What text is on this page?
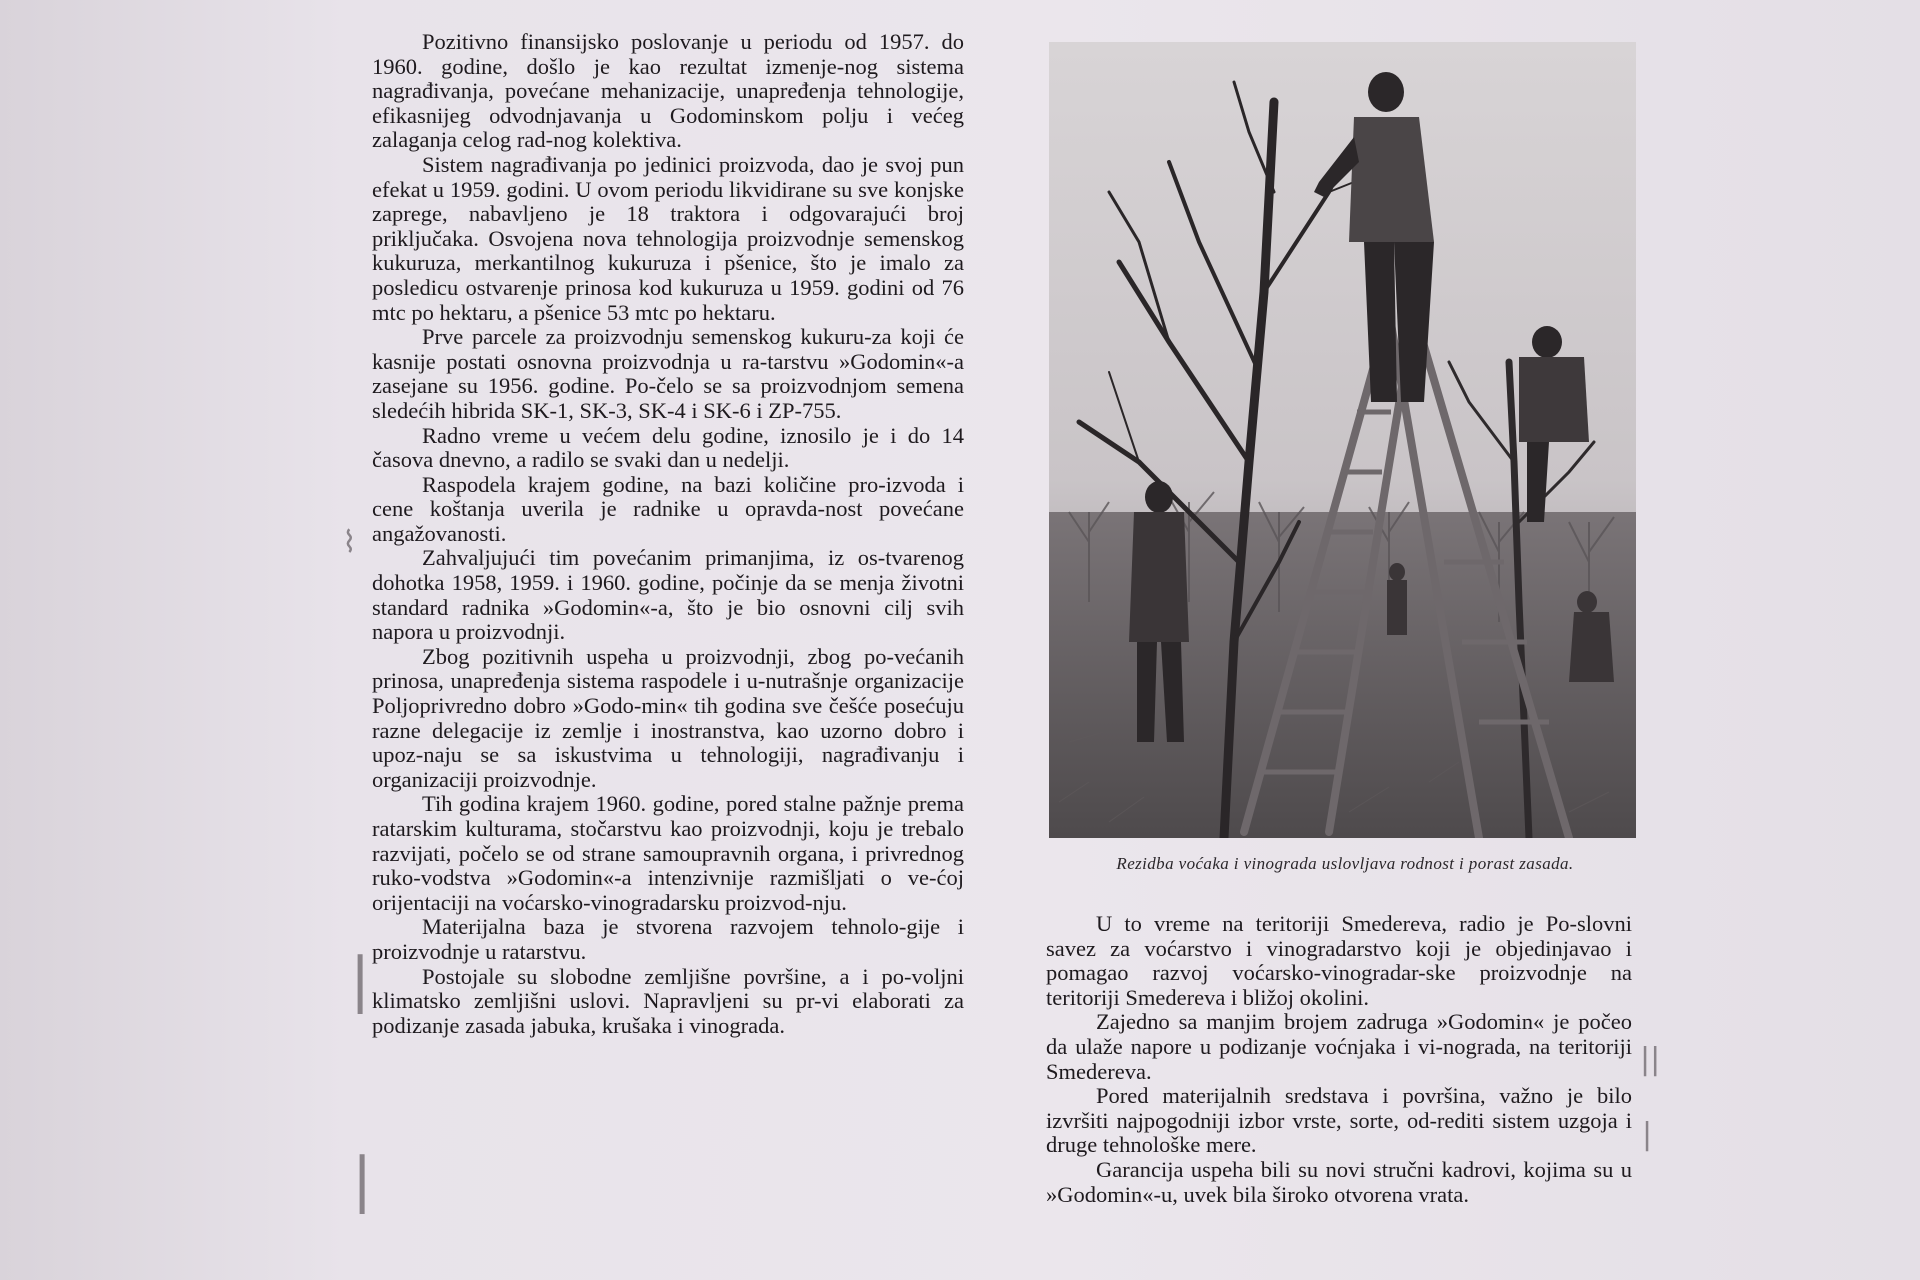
Pozitivno finansijsko poslovanje u periodu od 1957. do 1960. godine, došlo je kao rezultat izmenje-nog sistema nagrađivanja, povećane mehanizacije, unapređenja tehnologije, efikasnijeg odvodnjavanja u Godominskom polju i većeg zalaganja celog rad-nog kolektiva.

Sistem nagrađivanja po jedinici proizvoda, dao je svoj pun efekat u 1959. godini. U ovom periodu likvidirane su sve konjske zaprege, nabavljeno je 18 traktora i odgovarajući broj priključaka. Osvojena nova tehnologija proizvodnje semenskog kukuruza, merkantilnog kukuruza i pšenice, što je imalo za posledicu ostvarenje prinosa kod kukuruza u 1959. godini od 76 mtc po hektaru, a pšenice 53 mtc po hektaru.

Prve parcele za proizvodnju semenskog kukuru-za koji će kasnije postati osnovna proizvodnja u ra-tarstvu »Godomin«-a zasejane su 1956. godine. Po-čelo se sa proizvodnjom semena sledećih hibrida SK-1, SK-3, SK-4 i SK-6 i ZP-755.

Radno vreme u većem delu godine, iznosilo je i do 14 časova dnevno, a radilo se svaki dan u nedelji.

Raspodela krajem godine, na bazi količine pro-izvoda i cene koštanja uverila je radnike u opravda-nost povećane angažovanosti.

Zahvaljujući tim povećanim primanjima, iz os-tvarenog dohotka 1958, 1959. i 1960. godine, počinje da se menja životni standard radnika »Godomin«-a, što je bio osnovni cilj svih napora u proizvodnji.

Zbog pozitivnih uspeha u proizvodnji, zbog po-većanih prinosa, unapređenja sistema raspodele i u-nutrašnje organizacije Poljoprivredno dobro »Godo-min« tih godina sve češće posećuju razne delegacije iz zemlje i inostranstva, kao uzorno dobro i upoz-naju se sa iskustvima u tehnologiji, nagrađivanju i organizaciji proizvodnje.

Tih godina krajem 1960. godine, pored stalne pažnje prema ratarskim kulturama, stočarstvu kao proizvodnji, koju je trebalo razvijati, počelo se od strane samoupravnih organa, i privrednog ruko-vodstva »Godomin«-a intenzivnije razmišljati o ve-ćoj orijentaciji na voćarsko-vinogradarsku proizvod-nju.

Materijalna baza je stvorena razvojem tehnolo-gije i proizvodnje u ratarstvu.

Postojale su slobodne zemljišne površine, a i po-voljni klimatsko zemljišni uslovi. Napravljeni su pr-vi elaborati za podizanje zasada jabuka, krušaka i vinograda.

Rezidba voćaka i vinograda uslovljava rodnost i porast zasada.

U to vreme na teritoriji Smedereva, radio je Po-slovni savez za voćarstvo i vinogradarstvo koji je objedinjavao i pomagao razvoj voćarsko-vinogradar-ske proizvodnje na teritoriji Smedereva i bližoj okolini.

Zajedno sa manjim brojem zadruga »Godomin« je počeo da ulaže napore u podizanje voćnjaka i vi-nograda, na teritoriji Smedereva.

Pored materijalnih sredstava i površina, važno je bilo izvršiti najpogodniji izbor vrste, sorte, od-rediti sistem uzgoja i druge tehnološke mere.

Garancija uspeha bili su novi stručni kadrovi, kojima su u »Godomin«-u, uvek bila široko otvorena vrata.

⌇
|
|
||
|
